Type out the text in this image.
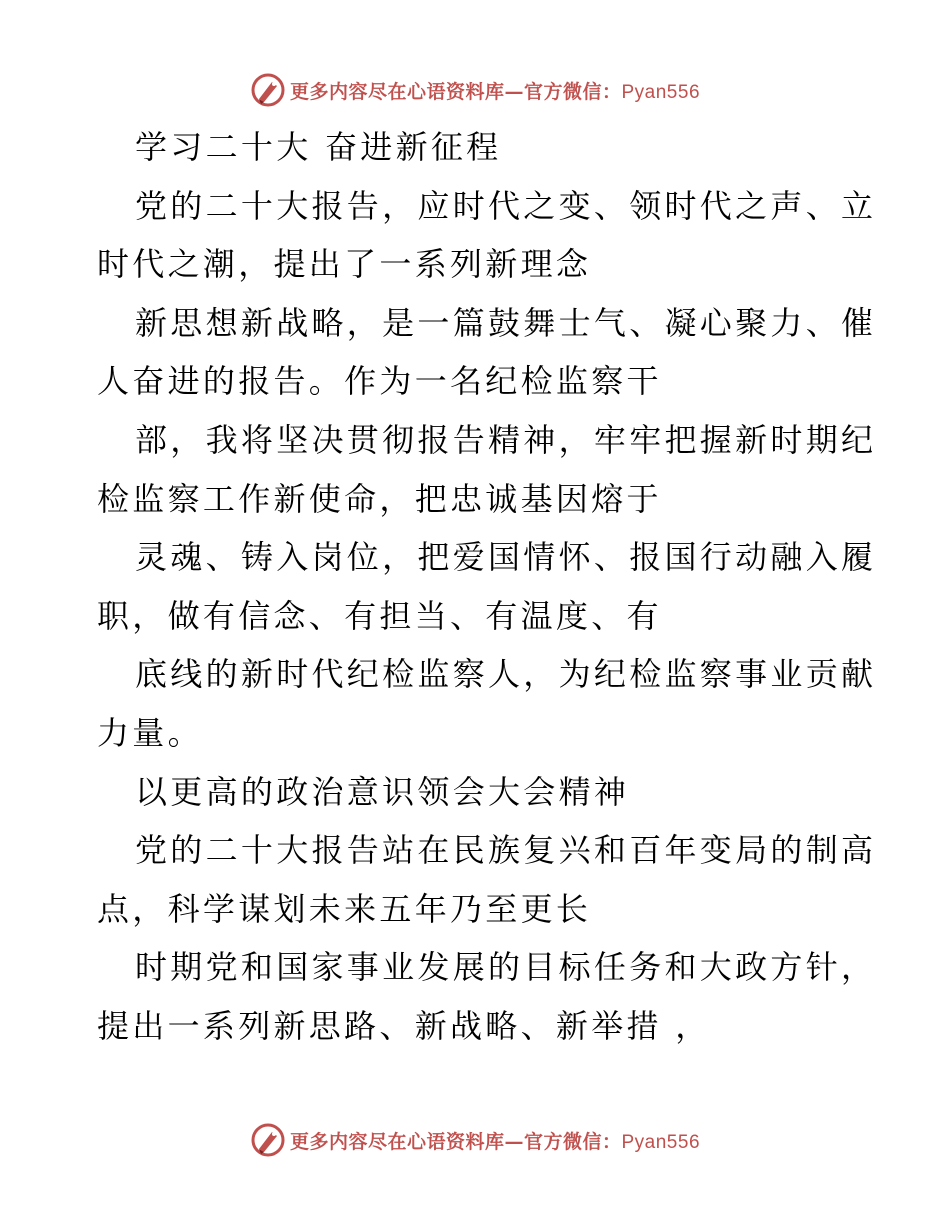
更多内容尽在心语资料库—官方微信：Pyan556
学习二十大 奋进新征程
党的二十大报告，应时代之变、领时代之声、立
时代之潮，提出了一系列新理念
新思想新战略，是一篇鼓舞士气、凝心聚力、催
人奋进的报告。作为一名纪检监察干
部，我将坚决贯彻报告精神，牢牢把握新时期纪
检监察工作新使命，把忠诚基因熔于
灵魂、铸入岗位，把爱国情怀、报国行动融入履
职，做有信念、有担当、有温度、有
底线的新时代纪检监察人，为纪检监察事业贡献
力量。
以更高的政治意识领会大会精神
党的二十大报告站在民族复兴和百年变局的制高
点，科学谋划未来五年乃至更长
时期党和国家事业发展的目标任务和大政方针，
提出一系列新思路、新战略、新举措 ，
更多内容尽在心语资料库—官方微信：Pyan556
